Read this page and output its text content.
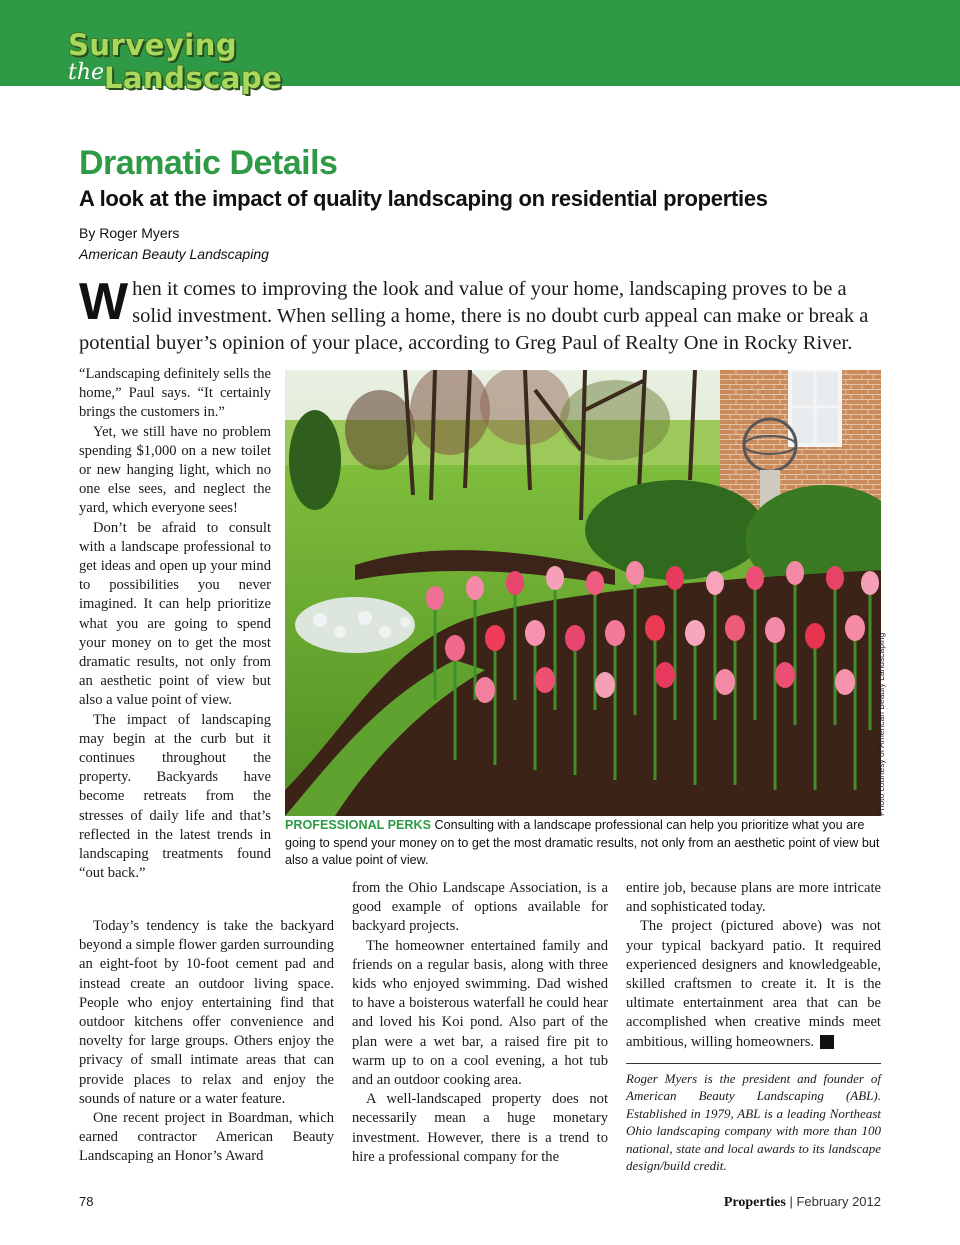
Surveying
the Landscape
Dramatic Details
A look at the impact of quality landscaping on residential properties
By Roger Myers
American Beauty Landscaping

When it comes to improving the look and value of your home, landscaping proves to be a solid investment. When selling a home, there is no doubt curb appeal can make or break a potential buyer’s opinion of your place, according to Greg Paul of Realty One in Rocky River.

“Landscaping definitely sells the home,” Paul says. “It certainly brings the customers in.”

Yet, we still have no problem spending $1,000 on a new toilet or new hanging light, which no one else sees, and neglect the yard, which everyone sees!

Don’t be afraid to consult with a landscape professional to get ideas and open up your mind to possibilities you never imagined. It can help prioritize what you are going to spend your money on to get the most dramatic results, not only from an aesthetic point of view but also a value point of view.

The impact of landscaping may begin at the curb but it continues throughout the property. Backyards have become retreats from the stresses of daily life and that’s reflected in the latest trends in landscaping treatments found “out back.”

Photo courtesy of American Beauty Landscaping

PROFESSIONAL PERKS Consulting with a landscape professional can help you prioritize what you are going to spend your money on to get the most dramatic results, not only from an aesthetic point of view but also a value point of view.

Today’s tendency is take the backyard beyond a simple flower garden surrounding an eight-foot by 10-foot cement pad and instead create an outdoor living space. People who enjoy entertaining find that outdoor kitchens offer convenience and novelty for large groups. Others enjoy the privacy of small intimate areas that can provide places to relax and enjoy the sounds of nature or a water feature.

One recent project in Boardman, which earned contractor American Beauty Landscaping an Honor’s Award

from the Ohio Landscape Association, is a good example of options available for backyard projects.

The homeowner entertained family and friends on a regular basis, along with three kids who enjoyed swimming. Dad wished to have a boisterous waterfall he could hear and loved his Koi pond. Also part of the plan were a wet bar, a raised fire pit to warm up to on a cool evening, a hot tub and an outdoor cooking area.

A well-landscaped property does not necessarily mean a huge monetary investment. However, there is a trend to hire a professional company for the

entire job, because plans are more intricate and sophisticated today.

The project (pictured above) was not your typical backyard patio. It required experienced designers and knowledgeable, skilled craftsmen to create it. It is the ultimate entertainment area that can be accomplished when creative minds meet ambitious, willing homeowners. P

Roger Myers is the president and founder of American Beauty Landscaping (ABL). Established in 1979, ABL is a leading Northeast Ohio landscaping company with more than 100 national, state and local awards to its landscape design/build credit.

78	Properties | February 2012
